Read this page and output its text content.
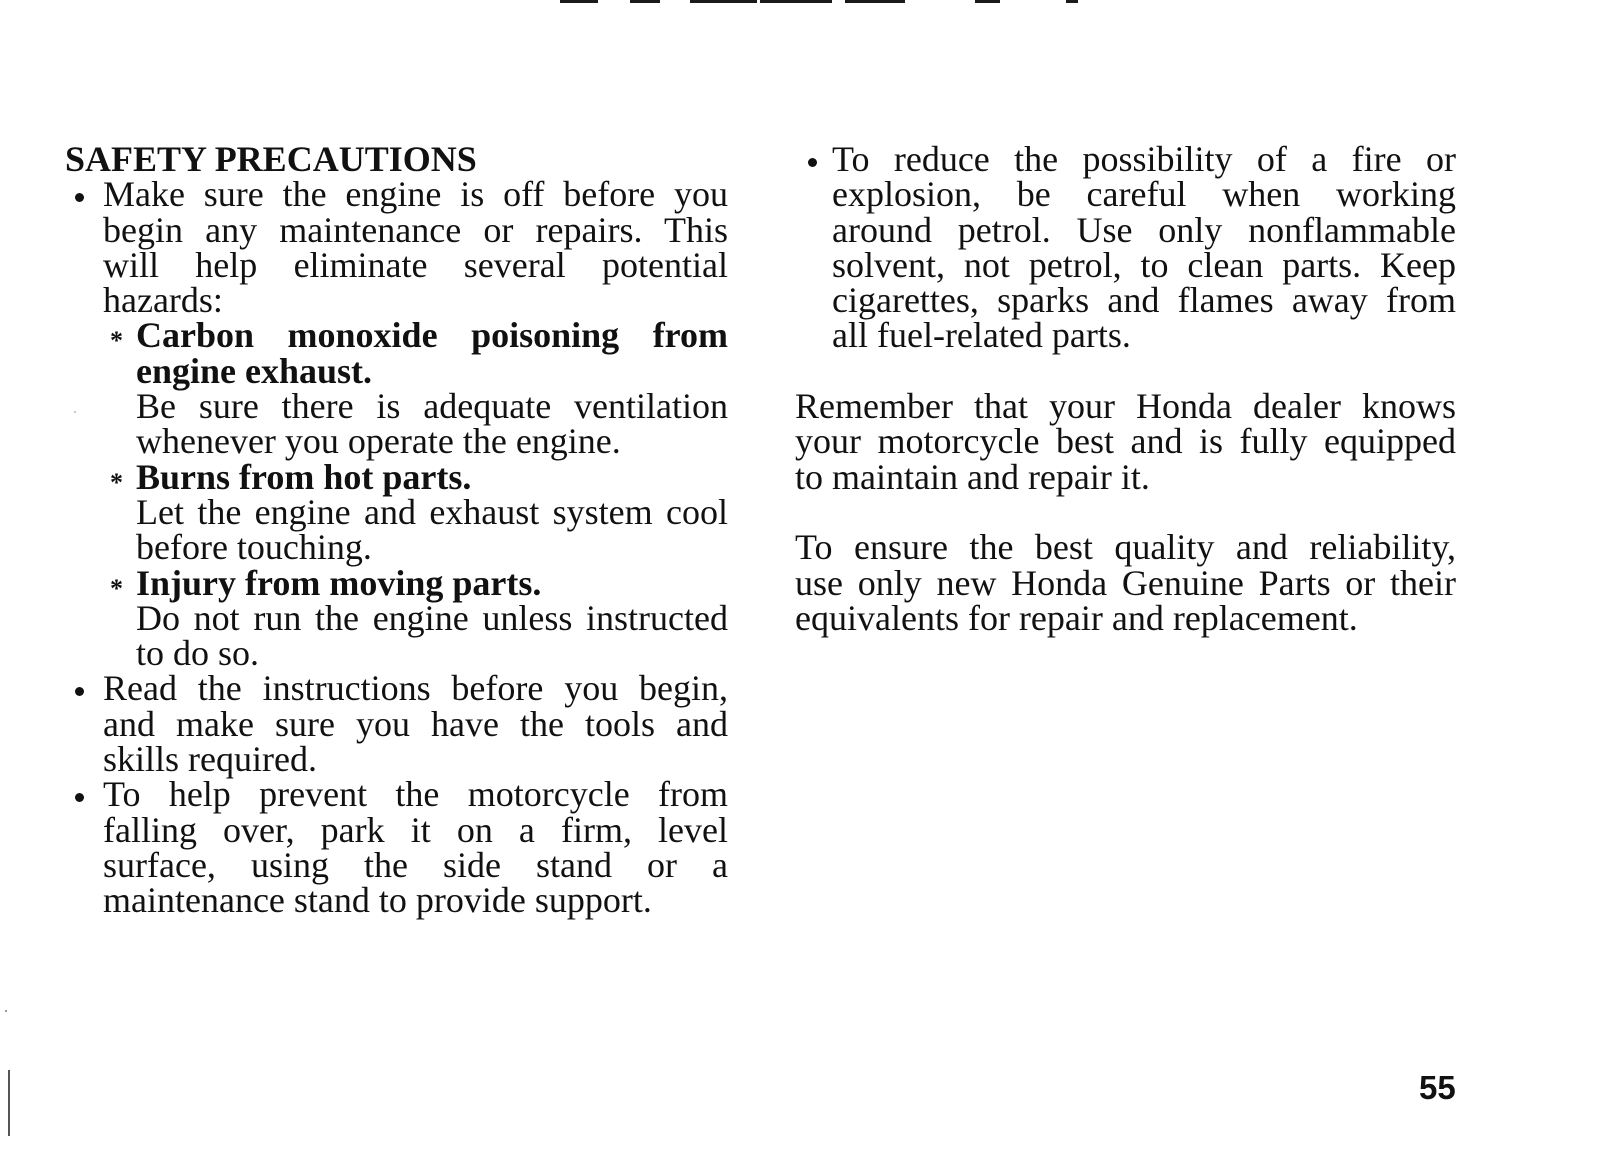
SAFETY PRECAUTIONS
Make sure the engine is off before you
begin any maintenance or repairs. This
will help eliminate several potential
hazards:
* Carbon monoxide poisoning from
engine exhaust.
Be sure there is adequate ventilation
whenever you operate the engine.
* Burns from hot parts.
Let the engine and exhaust system cool
before touching.
* Injury from moving parts.
Do not run the engine unless instructed
to do so.
Read the instructions before you begin,
and make sure you have the tools and
skills required.
To help prevent the motorcycle from
falling over, park it on a firm, level
surface, using the side stand or a
maintenance stand to provide support.
To reduce the possibility of a fire or
explosion, be careful when working
around petrol. Use only nonflammable
solvent, not petrol, to clean parts. Keep
cigarettes, sparks and flames away from
all fuel-related parts.
Remember that your Honda dealer knows
your motorcycle best and is fully equipped
to maintain and repair it.
To ensure the best quality and reliability,
use only new Honda Genuine Parts or their
equivalents for repair and replacement.
55
